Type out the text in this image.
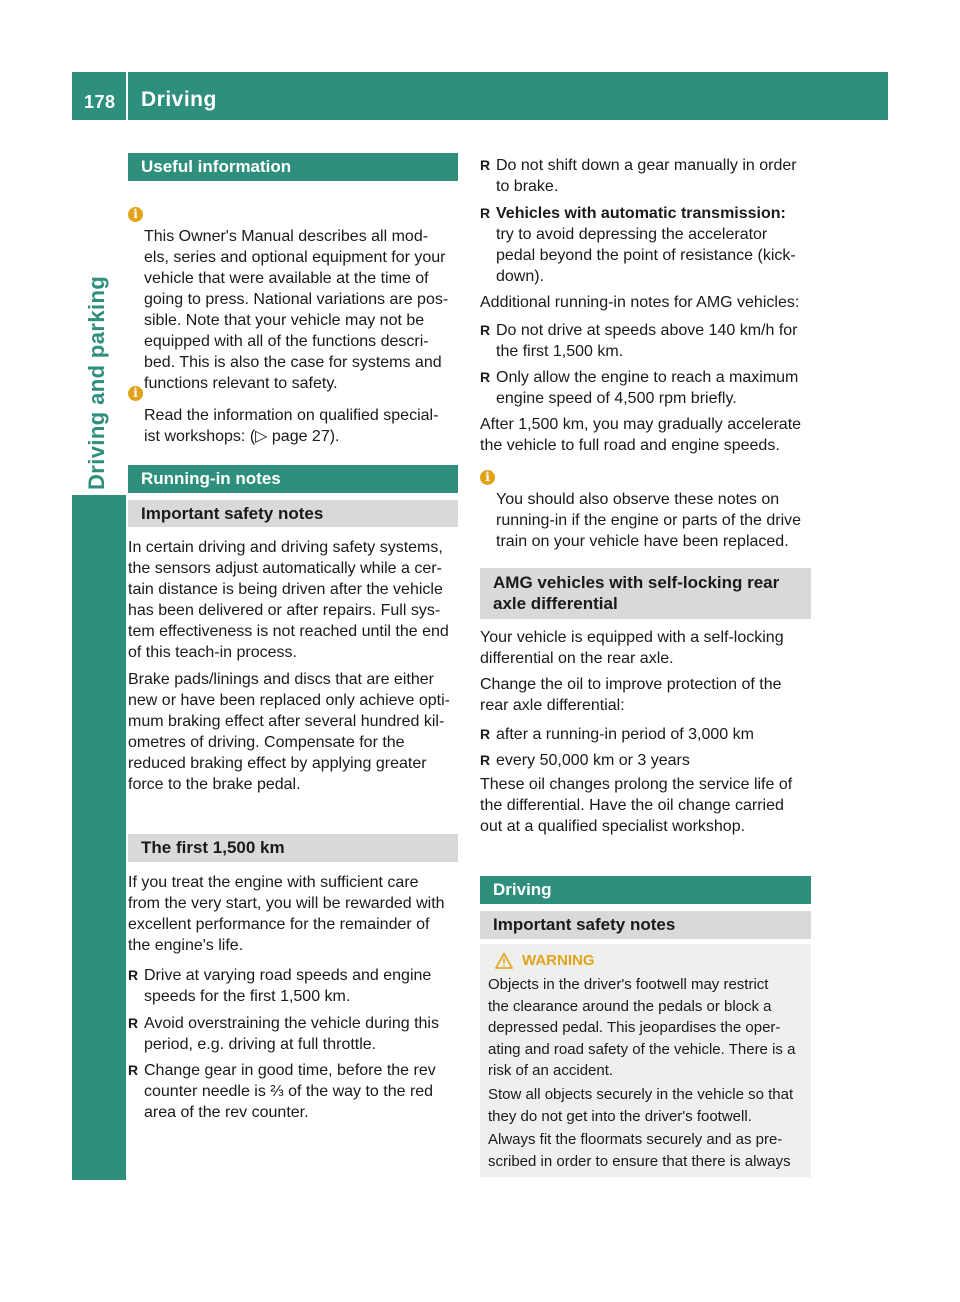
178 Driving
Driving and parking
Useful information

i
This Owner's Manual describes all mod-
els, series and optional equipment for your
vehicle that were available at the time of
going to press. National variations are pos-
sible. Note that your vehicle may not be
equipped with all of the functions descri-
bed. This is also the case for systems and
functions relevant to safety.

i
Read the information on qualified special-
ist workshops: (▷ page 27).

Running-in notes
Important safety notes
In certain driving and driving safety systems,
the sensors adjust automatically while a cer-
tain distance is being driven after the vehicle
has been delivered or after repairs. Full sys-
tem effectiveness is not reached until the end
of this teach-in process.
Brake pads/linings and discs that are either
new or have been replaced only achieve opti-
mum braking effect after several hundred kil-
ometres of driving. Compensate for the
reduced braking effect by applying greater
force to the brake pedal.
The first 1,500 km
If you treat the engine with sufficient care
from the very start, you will be rewarded with
excellent performance for the remainder of
the engine's life.
R Drive at varying road speeds and engine
speeds for the first 1,500 km.
R Avoid overstraining the vehicle during this
period, e.g. driving at full throttle.
R Change gear in good time, before the rev
counter needle is ⅔ of the way to the red
area of the rev counter.
R Do not shift down a gear manually in order
to brake.
R Vehicles with automatic transmission:
try to avoid depressing the accelerator
pedal beyond the point of resistance (kick-
down).
Additional running-in notes for AMG vehicles:
R Do not drive at speeds above 140 km/h for
the first 1,500 km.
R Only allow the engine to reach a maximum
engine speed of 4,500 rpm briefly.
After 1,500 km, you may gradually accelerate
the vehicle to full road and engine speeds.

i
You should also observe these notes on
running-in if the engine or parts of the drive
train on your vehicle have been replaced.

AMG vehicles with self-locking rear
axle differential
Your vehicle is equipped with a self-locking
differential on the rear axle.
Change the oil to improve protection of the
rear axle differential:
R after a running-in period of 3,000 km
R every 50,000 km or 3 years
These oil changes prolong the service life of
the differential. Have the oil change carried
out at a qualified specialist workshop.
Driving
Important safety notes
WARNING
Objects in the driver's footwell may restrict
the clearance around the pedals or block a
depressed pedal. This jeopardises the oper-
ating and road safety of the vehicle. There is a
risk of an accident.
Stow all objects securely in the vehicle so that
they do not get into the driver's footwell.
Always fit the floormats securely and as pre-
scribed in order to ensure that there is always
